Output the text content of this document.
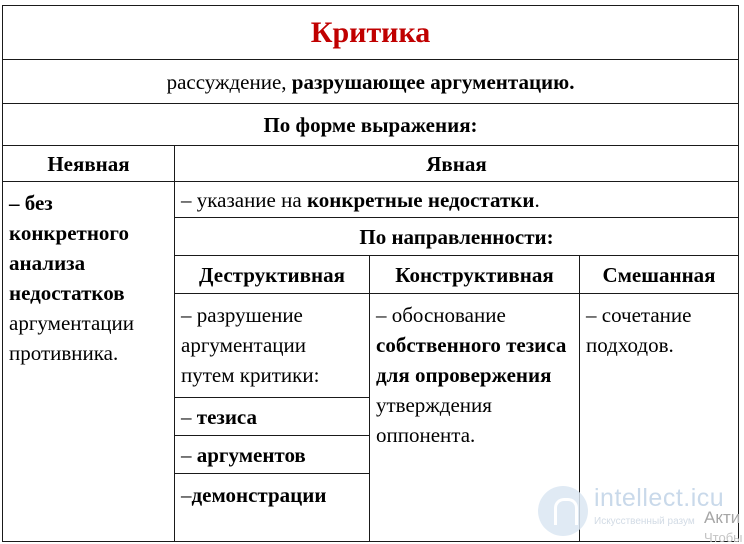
Критика			
рассуждение, разрушающее аргументацию.			
По форме выражения:			
Неявная	Явная		
– без конкретного анализа недостатков аргументации противника.	– указание на конкретные недостатки.		
	По направленности:		
	Деструктивная	Конструктивная	Смешанная
	– разрушение аргументации путем критики:	– обоснование собственного тезиса для опровержения утверждения оппонента.	– сочетание подходов.
	– тезиса		
	– аргументов		
	–демонстрации			intellect.icu
Искусственный разум Акти
Чтобы
